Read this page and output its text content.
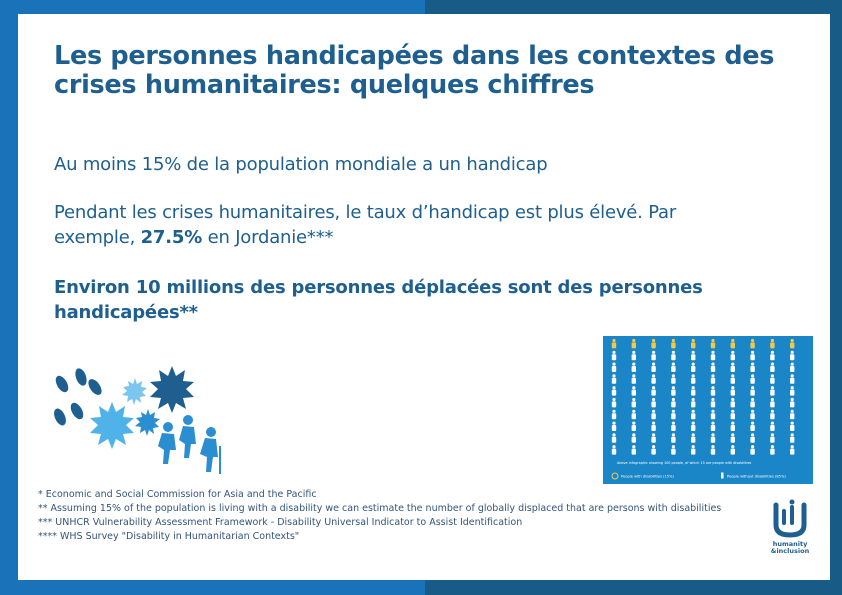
Les personnes handicapées dans les contextes des crises humanitaires: quelques chiffres

Au moins 15% de la population mondiale a un handicap

Pendant les crises humanitaires, le taux d’handicap est plus élevé. Par exemple, 27.5% en Jordanie***

Environ 10 millions des personnes déplacées sont des personnes handicapées**

Above infographic showing 100 people, of which 15 are people with disabilities
People with disabilities (15%)	People without disabilities (85%)
* Economic and Social Commission for Asia and the Pacific
** Assuming 15% of the population is living with a disability we can estimate the number of globally displaced that are persons with disabilities
*** UNHCR Vulnerability Assessment Framework - Disability Universal Indicator to Assist Identification
**** WHS Survey "Disability in Humanitarian Contexts"
humanity
&inclusion
